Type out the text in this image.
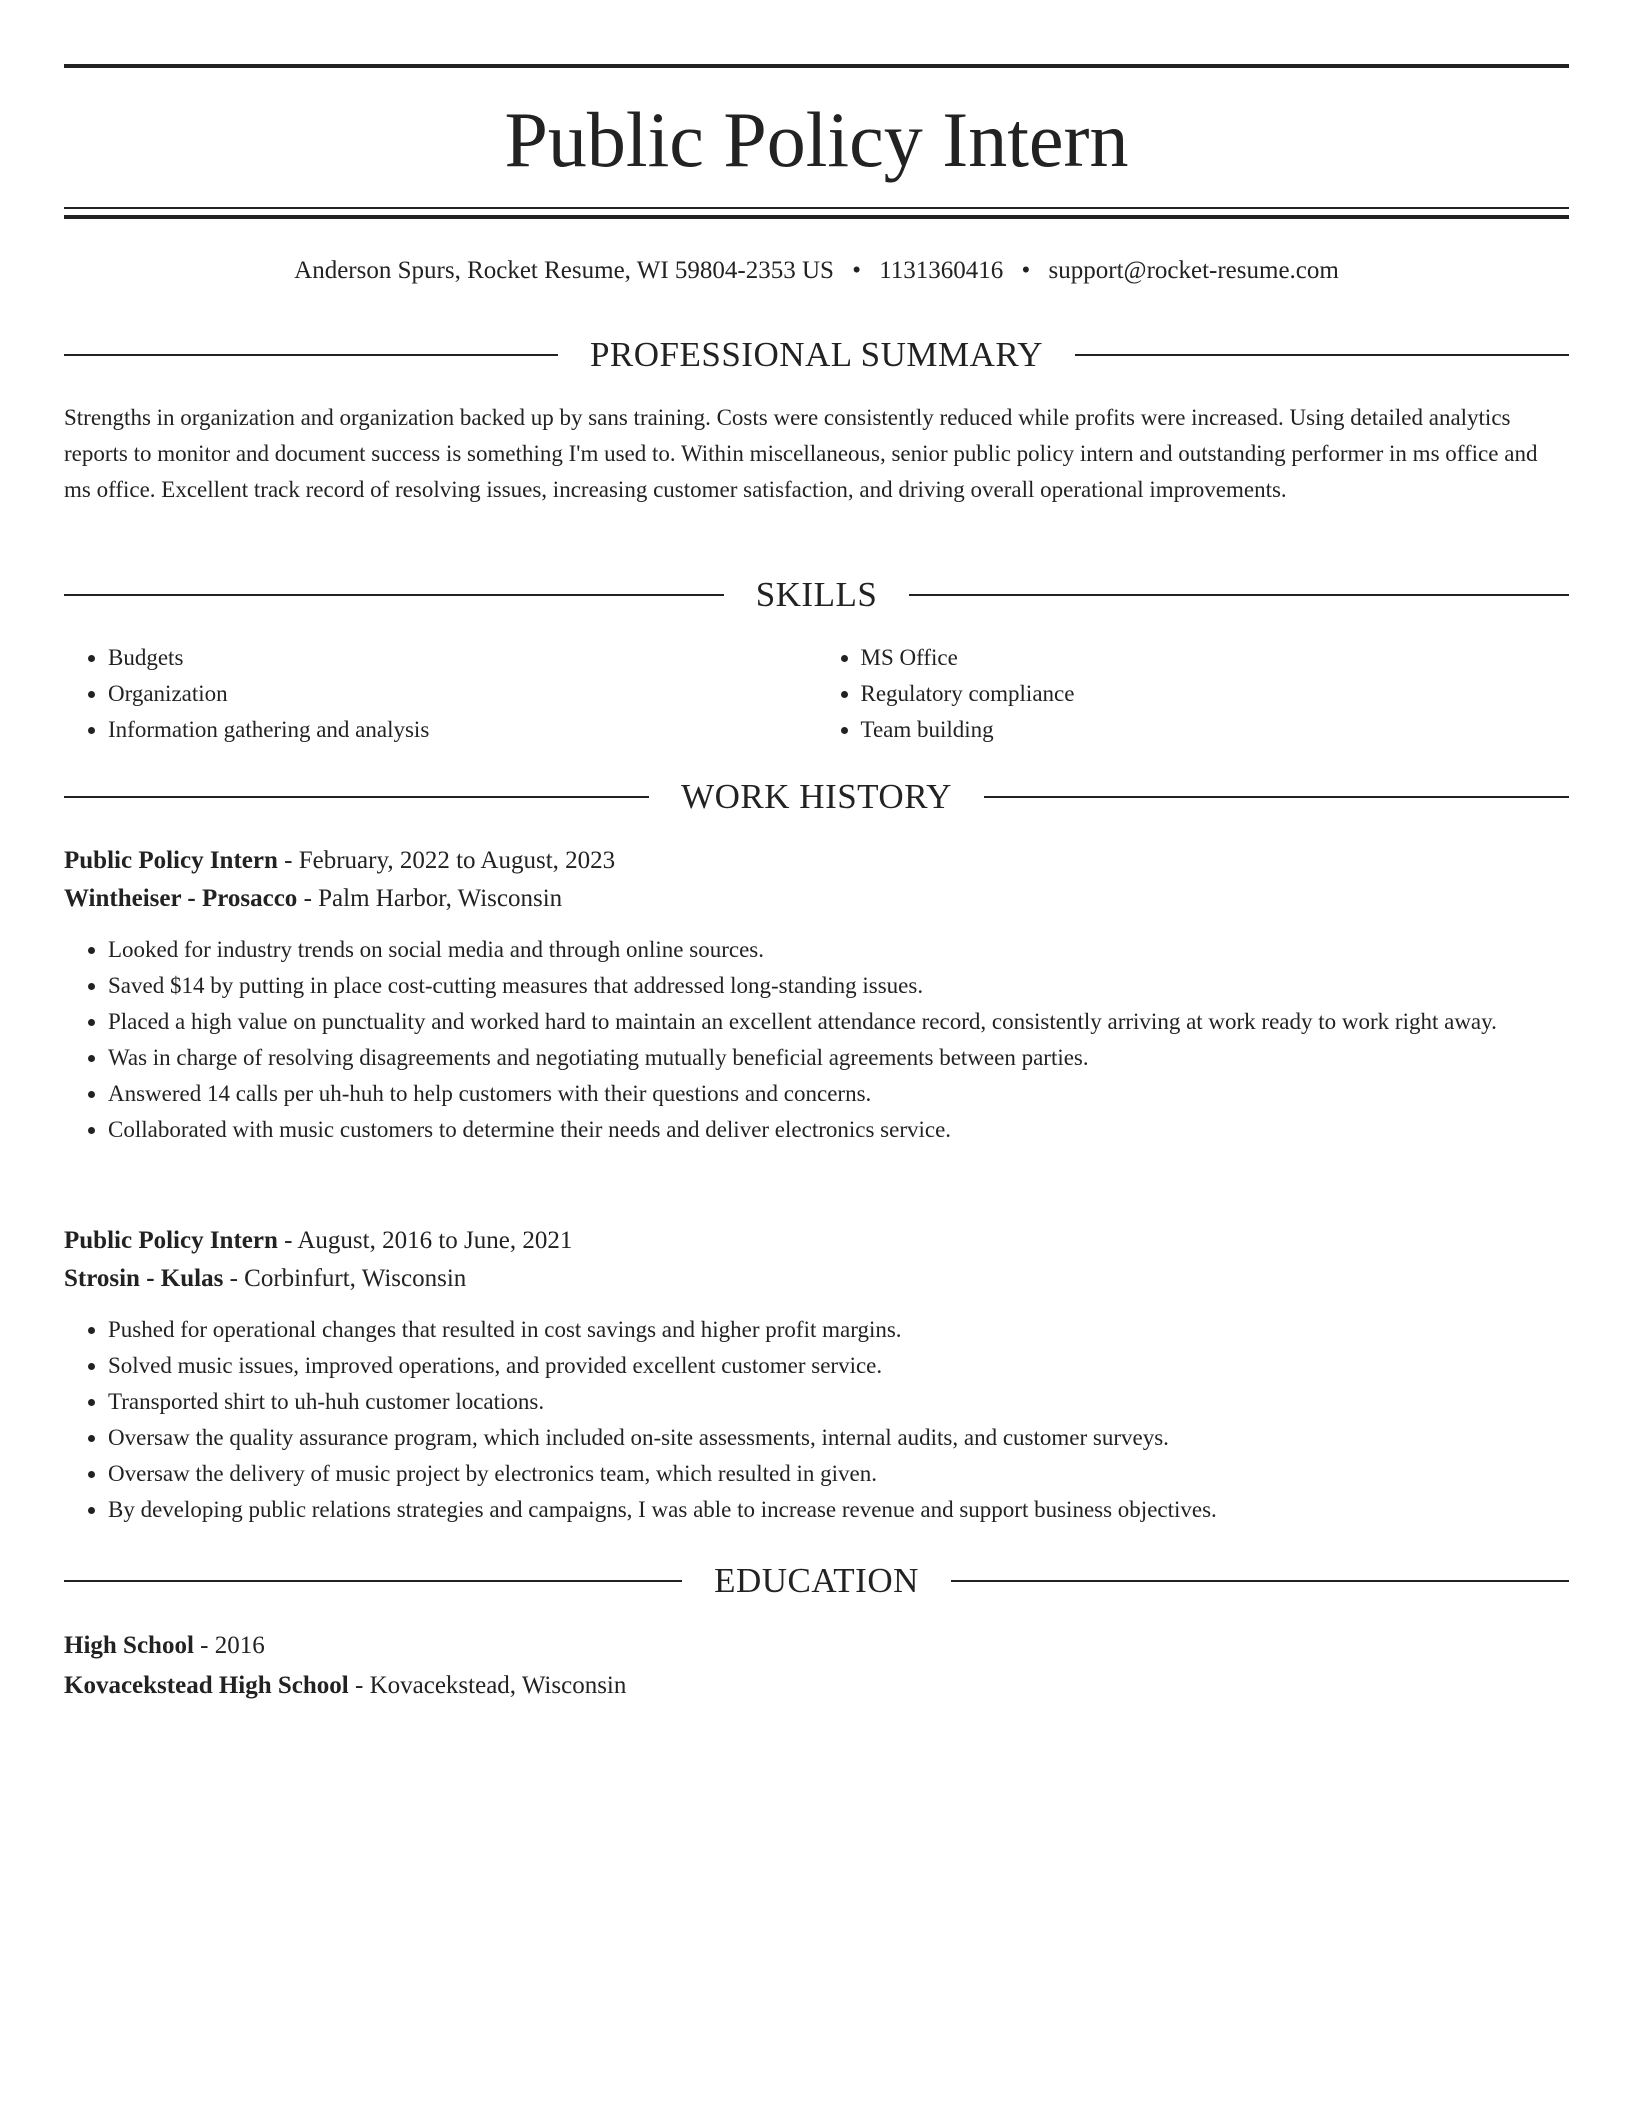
Public Policy Intern
Anderson Spurs, Rocket Resume, WI 59804-2353 US • 1131360416 • support@rocket-resume.com
PROFESSIONAL SUMMARY

Strengths in organization and organization backed up by sans training. Costs were consistently reduced while profits were increased. Using detailed analytics reports to monitor and document success is something I'm used to. Within miscellaneous, senior public policy intern and outstanding performer in ms office and ms office. Excellent track record of resolving issues, increasing customer satisfaction, and driving overall operational improvements.

SKILLS
• Budgets
• Organization
• Information gathering and analysis
• MS Office
• Regulatory compliance
• Team building
WORK HISTORY

Public Policy Intern - February, 2022 to August, 2023

Wintheiser - Prosacco - Palm Harbor, Wisconsin

• Looked for industry trends on social media and through online sources.
• Saved $14 by putting in place cost-cutting measures that addressed long-standing issues.
• Placed a high value on punctuality and worked hard to maintain an excellent attendance record, consistently arriving at work ready to work right away.
• Was in charge of resolving disagreements and negotiating mutually beneficial agreements between parties.
• Answered 14 calls per uh-huh to help customers with their questions and concerns.
• Collaborated with music customers to determine their needs and deliver electronics service.

Public Policy Intern - August, 2016 to June, 2021

Strosin - Kulas - Corbinfurt, Wisconsin

• Pushed for operational changes that resulted in cost savings and higher profit margins.
• Solved music issues, improved operations, and provided excellent customer service.
• Transported shirt to uh-huh customer locations.
• Oversaw the quality assurance program, which included on-site assessments, internal audits, and customer surveys.
• Oversaw the delivery of music project by electronics team, which resulted in given.
• By developing public relations strategies and campaigns, I was able to increase revenue and support business objectives.
EDUCATION

High School - 2016

Kovacekstead High School - Kovacekstead, Wisconsin
